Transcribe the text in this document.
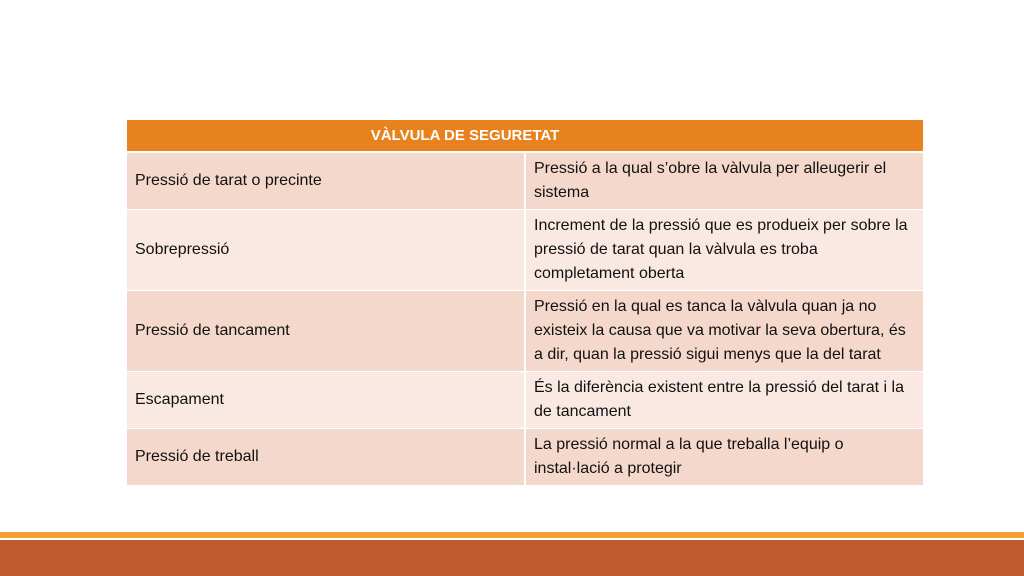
VÀLVULA DE SEGURETAT	

Pressió de tarat o precinte	Pressió a la qual s’obre la vàlvula per alleugerir el sistema
Sobrepressió	Increment de la pressió que es produeix per sobre la pressió de tarat quan la vàlvula es troba completament oberta
Pressió de tancament	Pressió en la qual es tanca la vàlvula quan ja no existeix la causa que va motivar la seva obertura, és a dir, quan la pressió sigui menys que la del tarat
Escapament	És la diferència existent entre la pressió del tarat i la de tancament
Pressió de treball	La pressió normal a la que treballa l’equip o instal·lació a protegir
